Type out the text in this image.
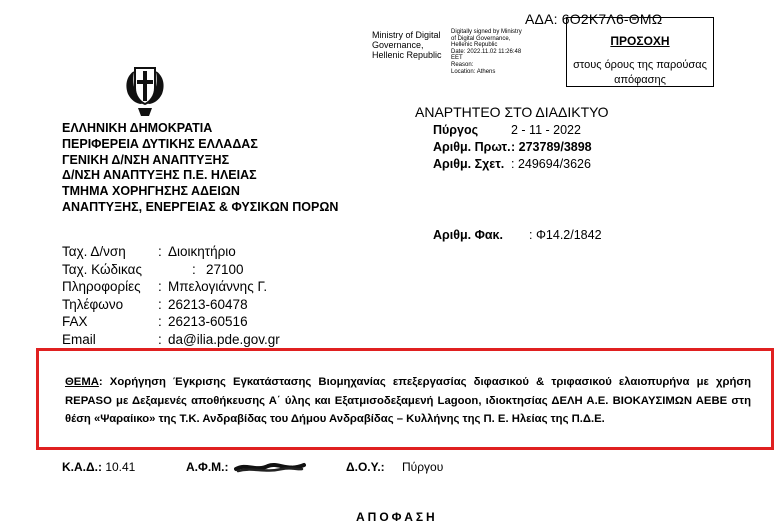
ΑΔΑ: 6Ο2Κ7Λ6-ΘΜΩ
Ministry of Digital
Governance,
Hellenic Republic
Digitally signed by Ministry
of Digital Governance,
Hellenic Republic
Date: 2022.11.02 11:26:48
EET
Reason:
Location: Athens
ΠΡΟΣΟΧΗ
στους όρους της παρούσας απόφασης
ΕΛΛΗΝΙΚΗ ΔΗΜΟΚΡΑΤΙΑ
ΠΕΡΙΦΕΡΕΙΑ ΔΥΤΙΚΗΣ ΕΛΛΑΔΑΣ
ΓΕΝΙΚΗ Δ/ΝΣΗ ΑΝΑΠΤΥΞΗΣ
Δ/ΝΣΗ ΑΝΑΠΤΥΞΗΣ Π.Ε. ΗΛΕΙΑΣ
ΤΜΗΜΑ ΧΟΡΗΓΗΣΗΣ ΑΔΕΙΩΝ
ΑΝΑΠΤΥΞΗΣ, ΕΝΕΡΓΕΙΑΣ & ΦΥΣΙΚΩΝ ΠΟΡΩΝ
ΑΝΑΡΤΗΤΕΟ ΣΤΟ ΔΙΑΔΙΚΤΥΟ
Πύργος	2 - 11 - 2022
Αριθμ. Πρωτ.: 273789/3898
Αριθμ. Σχετ. : 249694/3626
Αριθμ. Φακ. : Φ14.2/1842
Ταχ. Δ/νση : Διοικητήριο
Ταχ. Κώδικας	: 27100
Πληροφορίες : Μπελογιάννης Γ.
Τηλέφωνο	: 26213-60478
FAX	: 26213-60516
Email	: da@ilia.pde.gov.gr
ΘΕΜΑ: Χορήγηση Έγκρισης Εγκατάστασης Βιομηχανίας επεξεργασίας διφασικού & τριφασικού ελαιοπυρήνα με χρήση REPASO με Δεξαμενές αποθήκευσης Α΄ ύλης και Εξατμισοδεξαμενή Lagoon, ιδιοκτησίας ΔΕΛΗ Α.Ε. ΒΙΟΚΑΥΣΙΜΩΝ ΑΕΒΕ στη θέση «Ψαραίικο» της Τ.Κ. Ανδραβίδας του Δήμου Ανδραβίδας – Κυλλήνης της Π. Ε. Ηλείας της Π.Δ.Ε.
Κ.Α.Δ.: 10.41	Α.Φ.Μ.:	Δ.Ο.Υ.: Πύργου
ΑΠΟΦΑΣΗ
